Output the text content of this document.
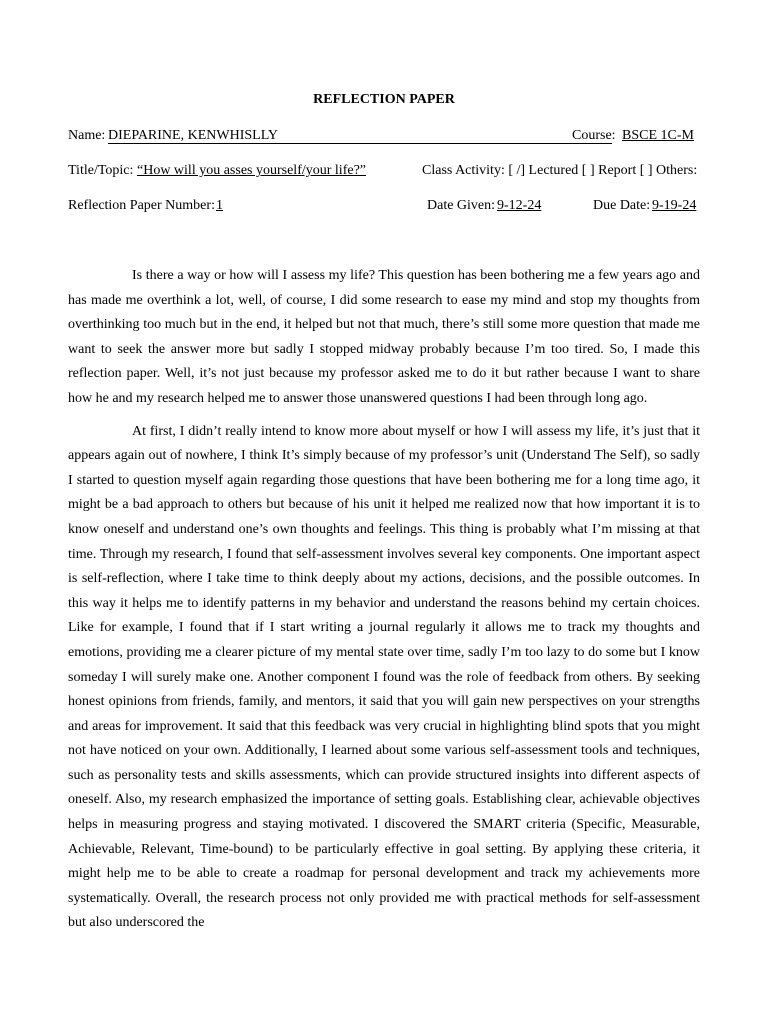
REFLECTION PAPER
Name: DIEPARINE, KENWHISLLY	Course: BSCE 1C-M
Title/Topic: “How will you asses yourself/your life?”	Class Activity: [ /] Lectured [ ] Report [ ] Others:
Reflection Paper Number: 1	Date Given: 9-12-24	Due Date: 9-19-24

Is there a way or how will I assess my life? This question has been bothering me a few years ago and has made me overthink a lot, well, of course, I did some research to ease my mind and stop my thoughts from overthinking too much but in the end, it helped but not that much, there’s still some more question that made me want to seek the answer more but sadly I stopped midway probably because I’m too tired. So, I made this reflection paper. Well, it’s not just because my professor asked me to do it but rather because I want to share how he and my research helped me to answer those unanswered questions I had been through long ago.

At first, I didn’t really intend to know more about myself or how I will assess my life, it’s just that it appears again out of nowhere, I think It’s simply because of my professor’s unit (Understand The Self), so sadly I started to question myself again regarding those questions that have been bothering me for a long time ago, it might be a bad approach to others but because of his unit it helped me realized now that how important it is to know oneself and understand one’s own thoughts and feelings. This thing is probably what I’m missing at that time. Through my research, I found that self-assessment involves several key components. One important aspect is self-reflection, where I take time to think deeply about my actions, decisions, and the possible outcomes. In this way it helps me to identify patterns in my behavior and understand the reasons behind my certain choices. Like for example, I found that if I start writing a journal regularly it allows me to track my thoughts and emotions, providing me a clearer picture of my mental state over time, sadly I’m too lazy to do some but I know someday I will surely make one. Another component I found was the role of feedback from others. By seeking honest opinions from friends, family, and mentors, it said that you will gain new perspectives on your strengths and areas for improvement. It said that this feedback was very crucial in highlighting blind spots that you might not have noticed on your own. Additionally, I learned about some various self-assessment tools and techniques, such as personality tests and skills assessments, which can provide structured insights into different aspects of oneself. Also, my research emphasized the importance of setting goals. Establishing clear, achievable objectives helps in measuring progress and staying motivated. I discovered the SMART criteria (Specific, Measurable, Achievable, Relevant, Time-bound) to be particularly effective in goal setting. By applying these criteria, it might help me to be able to create a roadmap for personal development and track my achievements more systematically. Overall, the research process not only provided me with practical methods for self-assessment but also underscored the
